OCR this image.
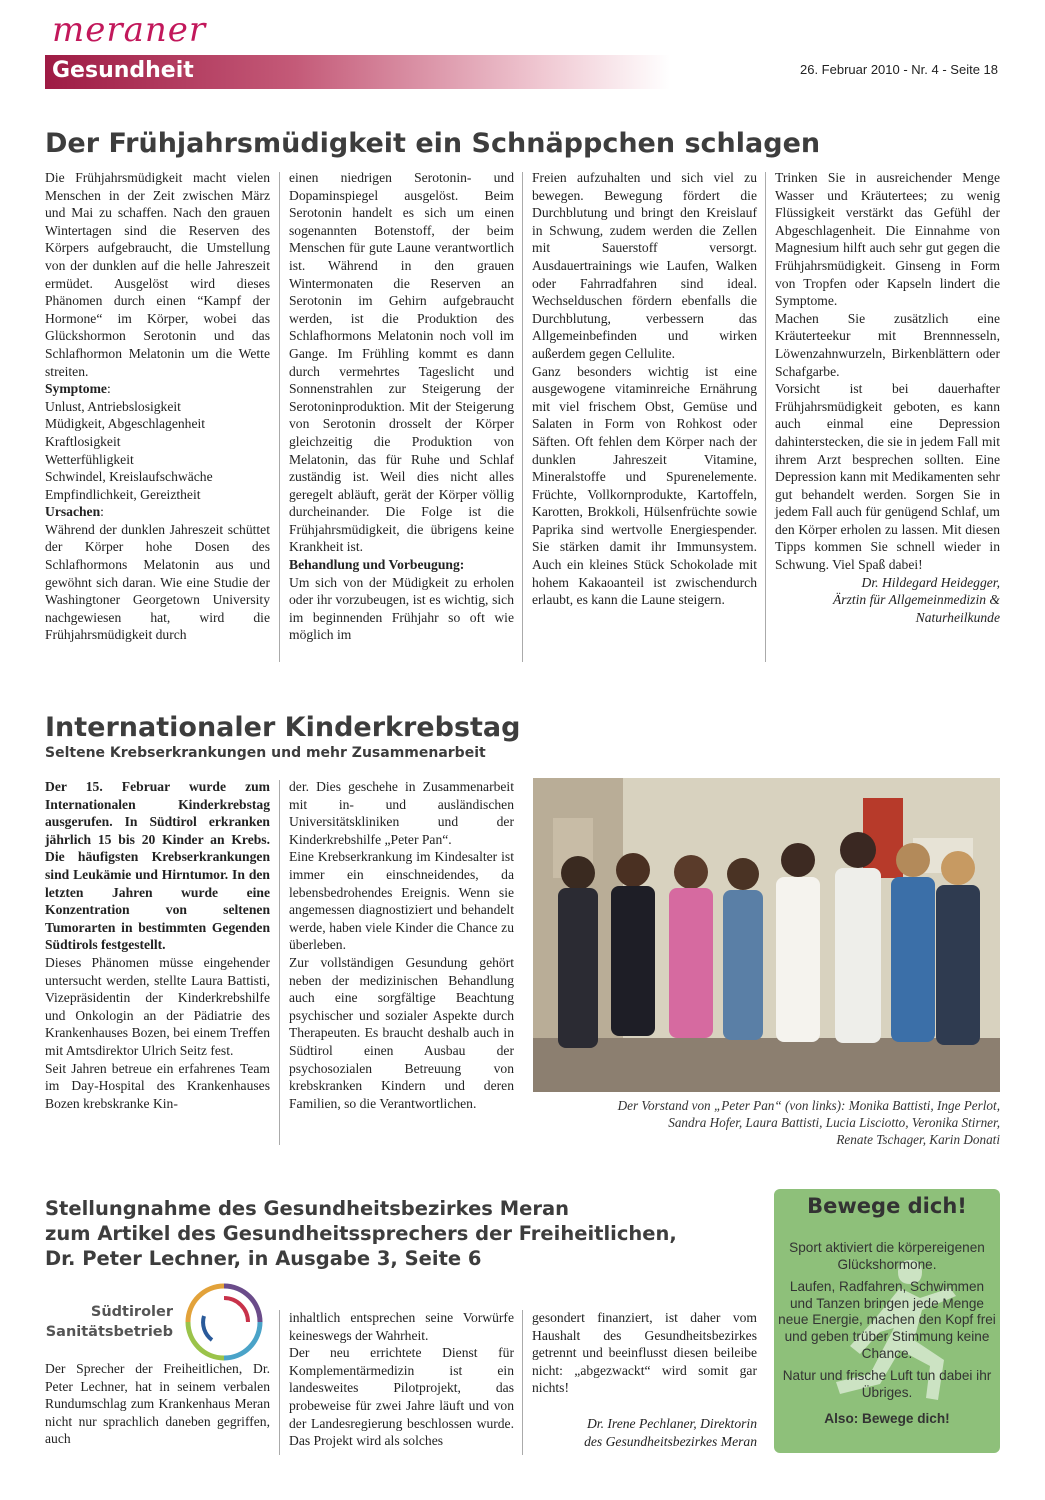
meraner
Gesundheit	26. Februar 2010 - Nr. 4 - Seite 18
Der Frühjahrsmüdigkeit ein Schnäppchen schlagen

Die Frühjahrsmüdigkeit macht vielen Menschen in der Zeit zwischen März und Mai zu schaffen. Nach den grauen Wintertagen sind die Reserven des Körpers aufgebraucht, die Umstellung von der dunklen auf die helle Jahreszeit ermüdet. Ausgelöst wird dieses Phänomen durch einen “Kampf der Hormone“ im Körper, wobei das Glückshormon Serotonin und das Schlafhormon Melatonin um die Wette streiten.

Symptome:

Unlust, Antriebslosigkeit
Müdigkeit, Abgeschlagenheit
Kraftlosigkeit
Wetterfühligkeit
Schwindel, Kreislaufschwäche
Empfindlichkeit, Gereiztheit

Ursachen:

Während der dunklen Jahreszeit schüttet der Körper hohe Dosen des Schlafhormons Melatonin aus und gewöhnt sich daran. Wie eine Studie der Washingtoner Georgetown University nachgewiesen hat, wird die Frühjahrsmüdigkeit durch

einen niedrigen Serotonin- und Dopaminspiegel ausgelöst. Beim Serotonin handelt es sich um einen sogenannten Botenstoff, der beim Menschen für gute Laune verantwortlich ist. Während in den grauen Wintermonaten die Reserven an Serotonin im Gehirn aufgebraucht werden, ist die Produktion des Schlafhormons Melatonin noch voll im Gange. Im Frühling kommt es dann durch vermehrtes Tageslicht und Sonnenstrahlen zur Steigerung der Serotoninproduktion. Mit der Steigerung von Serotonin drosselt der Körper gleichzeitig die Produktion von Melatonin, das für Ruhe und Schlaf zuständig ist. Weil dies nicht alles geregelt abläuft, gerät der Körper völlig durcheinander. Die Folge ist die Frühjahrsmüdigkeit, die übrigens keine Krankheit ist.

Behandlung und Vorbeugung:

Um sich von der Müdigkeit zu erholen oder ihr vorzubeugen, ist es wichtig, sich im beginnenden Frühjahr so oft wie möglich im

Freien aufzuhalten und sich viel zu bewegen. Bewegung fördert die Durchblutung und bringt den Kreislauf in Schwung, zudem werden die Zellen mit Sauerstoff versorgt. Ausdauertrainings wie Laufen, Walken oder Fahrradfahren sind ideal. Wechselduschen fördern ebenfalls die Durchblutung, verbessern das Allgemeinbefinden und wirken außerdem gegen Cellulite.

Ganz besonders wichtig ist eine ausgewogene vitaminreiche Ernährung mit viel frischem Obst, Gemüse und Salaten in Form von Rohkost oder Säften. Oft fehlen dem Körper nach der dunklen Jahreszeit Vitamine, Mineralstoffe und Spurenelemente. Früchte, Vollkornprodukte, Kartoffeln, Karotten, Brokkoli, Hülsenfrüchte sowie Paprika sind wertvolle Energiespender. Sie stärken damit ihr Immunsystem. Auch ein kleines Stück Schokolade mit hohem Kakaoanteil ist zwischendurch erlaubt, es kann die Laune steigern.

Trinken Sie in ausreichender Menge Wasser und Kräutertees; zu wenig Flüssigkeit verstärkt das Gefühl der Abgeschlagenheit. Die Einnahme von Magnesium hilft auch sehr gut gegen die Frühjahrsmüdigkeit. Ginseng in Form von Tropfen oder Kapseln lindert die Symptome.

Machen Sie zusätzlich eine Kräuterteekur mit Brennnesseln, Löwenzahnwurzeln, Birkenblättern oder Schafgarbe.

Vorsicht ist bei dauerhafter Frühjahrsmüdigkeit geboten, es kann auch einmal eine Depression dahinterstecken, die sie in jedem Fall mit ihrem Arzt besprechen sollten. Eine Depression kann mit Medikamenten sehr gut behandelt werden. Sorgen Sie in jedem Fall auch für genügend Schlaf, um den Körper erholen zu lassen. Mit diesen Tipps kommen Sie schnell wieder in Schwung. Viel Spaß dabei!

Dr. Hildegard Heidegger,
Ärztin für Allgemeinmedizin &
Naturheilkunde

Internationaler Kinderkrebstag
Seltene Krebserkrankungen und mehr Zusammenarbeit

Der 15. Februar wurde zum Internationalen Kinderkrebstag ausgerufen. In Südtirol erkranken jährlich 15 bis 20 Kinder an Krebs. Die häufigsten Krebserkrankungen sind Leukämie und Hirntumor. In den letzten Jahren wurde eine Konzentration von seltenen Tumorarten in bestimmten Gegenden Südtirols festgestellt.

Dieses Phänomen müsse eingehender untersucht werden, stellte Laura Battisti, Vizepräsidentin der Kinderkrebshilfe und Onkologin an der Pädiatrie des Krankenhauses Bozen, bei einem Treffen mit Amtsdirektor Ulrich Seitz fest.

Seit Jahren betreue ein erfahrenes Team im Day-Hospital des Krankenhauses Bozen krebskranke Kin-

der. Dies geschehe in Zusammenarbeit mit in- und ausländischen Universitätskliniken und der Kinderkrebshilfe „Peter Pan“.

Eine Krebserkrankung im Kindesalter ist immer ein einschneidendes, da lebensbedrohendes Ereignis. Wenn sie angemessen diagnostiziert und behandelt werde, haben viele Kinder die Chance zu überleben.

Zur vollständigen Gesundung gehört neben der medizinischen Behandlung auch eine sorgfältige Beachtung psychischer und sozialer Aspekte durch Therapeuten. Es braucht deshalb auch in Südtirol einen Ausbau der psychosozialen Betreuung von krebskranken Kindern und deren Familien, so die Verantwortlichen.	Der Vorstand von „Peter Pan“ (von links): Monika Battisti, Inge Perlot,
Sandra Hofer, Laura Battisti, Lucia Lisciotto, Veronika Stirner,
Renate Tschager, Karin Donati
Stellungnahme des Gesundheitsbezirkes Meran
zum Artikel des Gesundheitssprechers der Freiheitlichen,
Dr. Peter Lechner, in Ausgabe 3, Seite 6
Südtiroler
Sanitätsbetrieb

Der Sprecher der Freiheitlichen, Dr. Peter Lechner, hat in seinem verbalen Rundumschlag zum Krankenhaus Meran nicht nur sprachlich daneben gegriffen, auch

inhaltlich entsprechen seine Vorwürfe keineswegs der Wahrheit.

Der neu errichtete Dienst für Komplementärmedizin ist ein landesweites Pilotprojekt, das probeweise für zwei Jahre läuft und von der Landesregierung beschlossen wurde. Das Projekt wird als solches

gesondert finanziert, ist daher vom Haushalt des Gesundheitsbezirkes getrennt und beeinflusst diesen beileibe nicht: „abgezwackt“ wird somit gar nichts!

Dr. Irene Pechlaner, Direktorin
des Gesundheitsbezirkes Meran

Bewege dich!

Sport aktiviert die körpereigenen Glückshormone.

Laufen, Radfahren, Schwimmen und Tanzen bringen jede Menge neue Energie, machen den Kopf frei und geben trüber Stimmung keine Chance.

Natur und frische Luft tun dabei ihr Übriges.

Also: Bewege dich!
